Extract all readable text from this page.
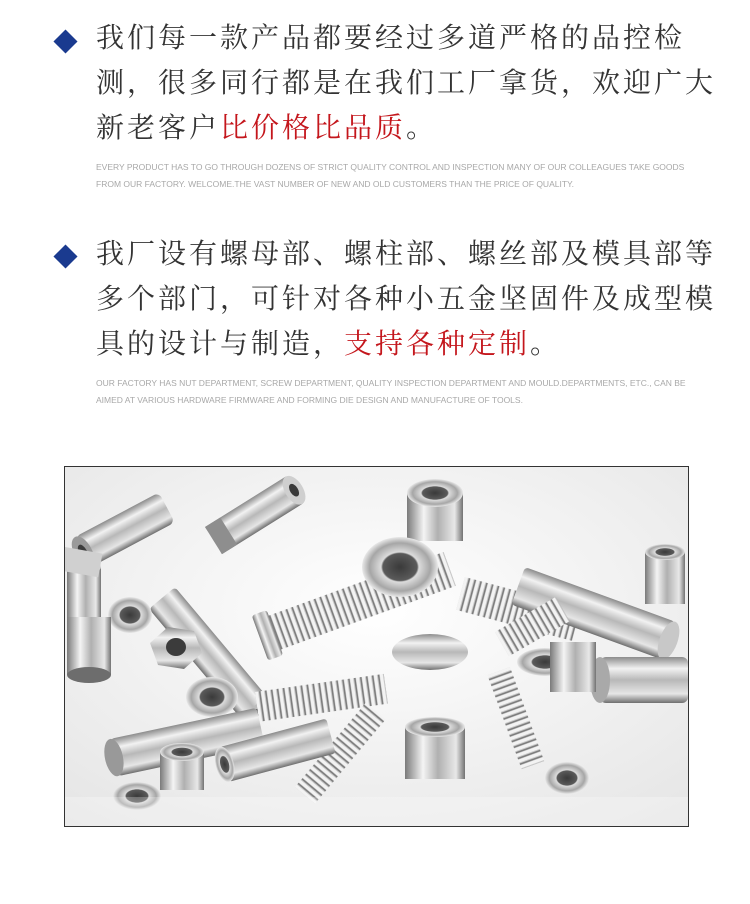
我们每一款产品都要经过多道严格的品控检测，很多同行都是在我们工厂拿货，欢迎广大新老客户比价格比品质。

EVERY PRODUCT HAS TO GO THROUGH DOZENS OF STRICT QUALITY CONTROL AND INSPECTION MANY OF OUR COLLEAGUES TAKE GOODS FROM OUR FACTORY. WELCOME.THE VAST NUMBER OF NEW AND OLD CUSTOMERS THAN THE PRICE OF QUALITY.

我厂设有螺母部、螺柱部、螺丝部及模具部等多个部门，可针对各种小五金坚固件及成型模具的设计与制造，支持各种定制。

OUR FACTORY HAS NUT DEPARTMENT, SCREW DEPARTMENT, QUALITY INSPECTION DEPARTMENT AND MOULD.DEPARTMENTS, ETC., CAN BE AIMED AT VARIOUS HARDWARE FIRMWARE AND FORMING DIE DESIGN AND MANUFACTURE OF TOOLS.
